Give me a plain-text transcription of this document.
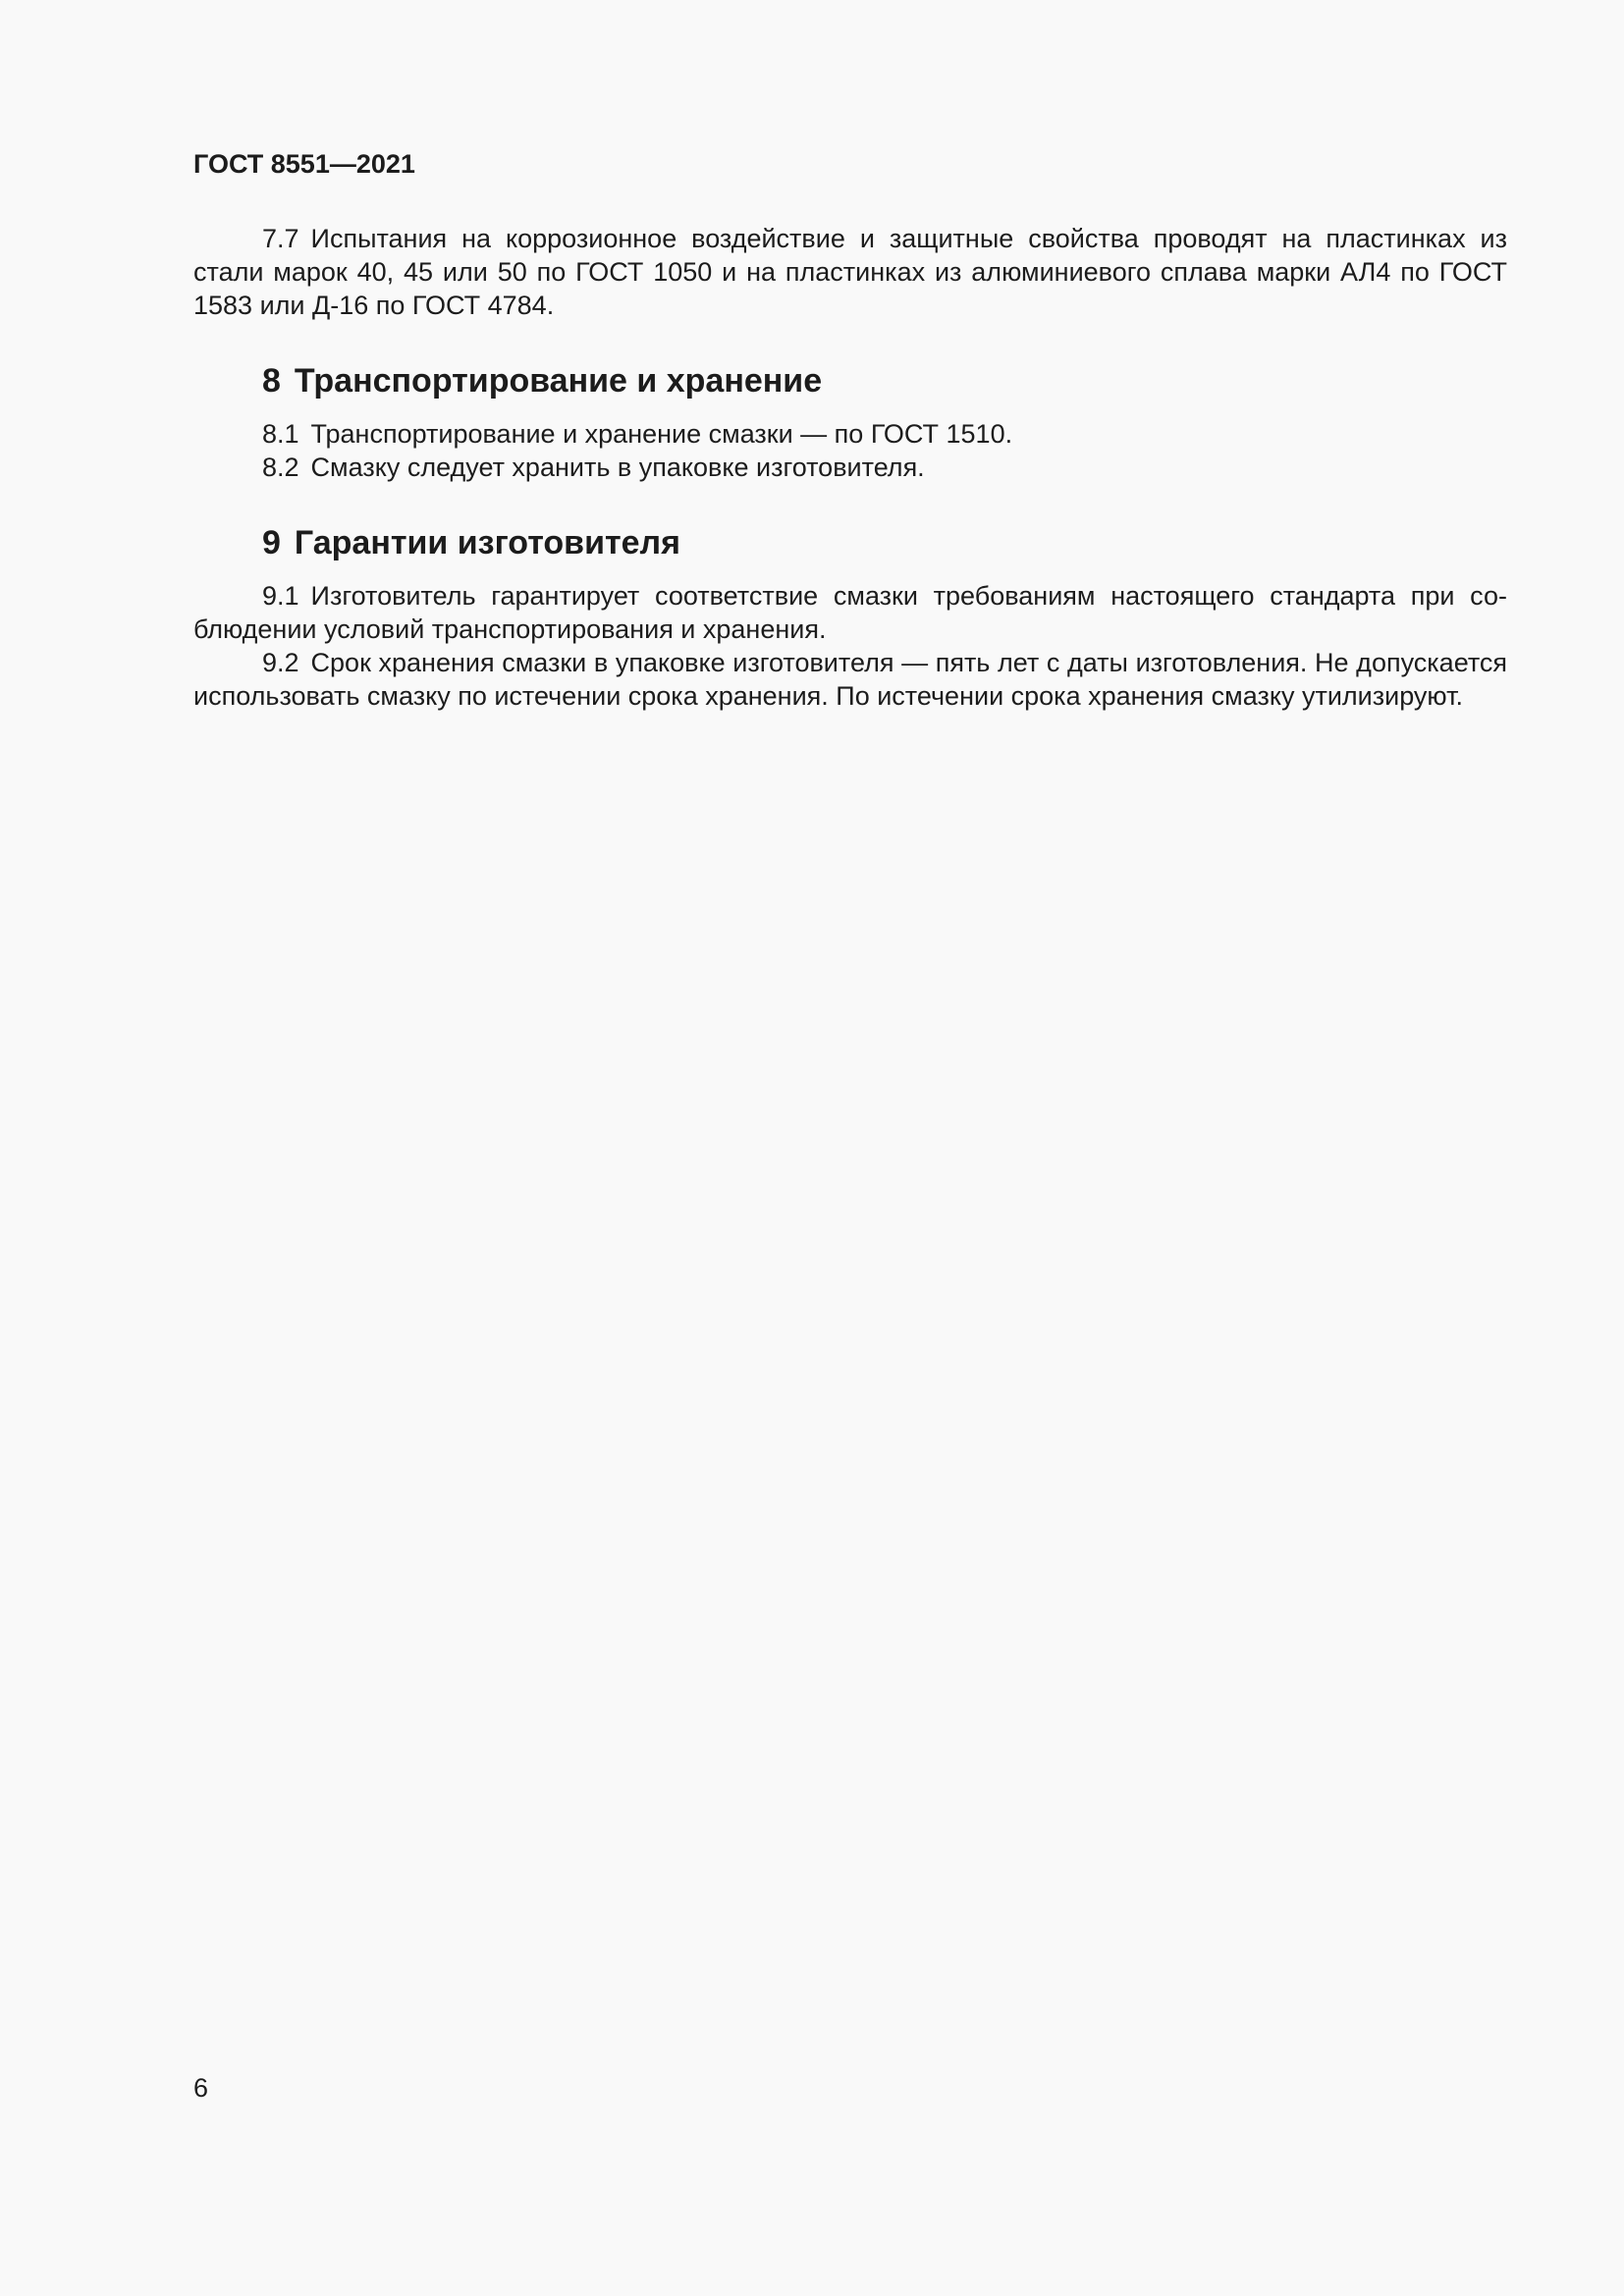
ГОСТ 8551—2021

7.7 Испытания на коррозионное воздействие и защитные свойства проводят на пластинках из стали марок 40, 45 или 50 по ГОСТ 1050 и на пластинках из алюминиевого сплава марки АЛ4 по ГОСТ 1583 или Д-16 по ГОСТ 4784.

8 Транспортирование и хранение

8.1 Транспортирование и хранение смазки — по ГОСТ 1510.

8.2 Смазку следует хранить в упаковке изготовителя.

9 Гарантии изготовителя

9.1 Изготовитель гарантирует соответствие смазки требованиям настоящего стандарта при соблюдении условий транспортирования и хранения.

9.2 Срок хранения смазки в упаковке изготовителя — пять лет с даты изготовления. Не допускается использовать смазку по истечении срока хранения. По истечении срока хранения смазку утилизируют.

6
